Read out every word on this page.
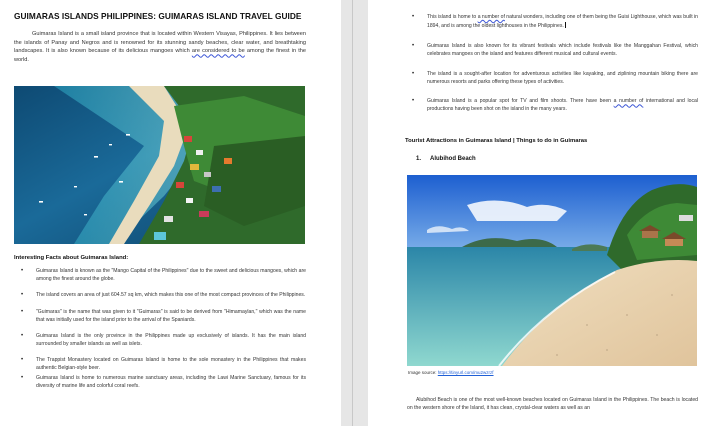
GUIMARAS ISLANDS PHILIPPINES: GUIMARAS ISLAND TRAVEL GUIDE
Guimaras Island is a small island province that is located within Western Visayas, Philippines. It lies between the islands of Panay and Negros and is renowned for its stunning sandy beaches, clear water, and breathtaking landscapes. It is also known because of its delicious mangoes which are considered to be among the finest in the world.
Interesting Facts about Guimaras Island:
•	Guimaras Island is known as the "Mango Capital of the Philippines" due to the sweet and delicious mangoes, which are among the finest around the globe.
•	The island covers an area of just 604.57 sq km, which makes this one of the most compact provinces of the Philippines.
•	"Guimaras" is the name that was given to it "Guimaras" is said to be derived from "Himamaylan," which was the name that was initially used for the island prior to the arrival of the Spaniards.
•	Guimaras Island is the only province in the Philippines made up exclusively of islands. It has the main island surrounded by smaller islands as well as islets.
•	The Trappist Monastery located on Guimaras Island is home to the sole monastery in the Philippines that makes authentic Belgian-style beer.
•	Guimaras Island is home to numerous marine sanctuary areas, including the Lawi Marine Sanctuary, famous for its diversity of marine life and colorful coral reefs.
•	This island is home to a number of natural wonders, including one of them being the Guisi Lighthouse, which was built in 1894, and is among the oldest lighthouses in the Philippines.
•	Guimaras Island is also known for its vibrant festivals which include festivals like the Manggahan Festival, which celebrates mangoes on the island and features different musical and cultural events.
•	The island is a sought-after location for adventurous activities like kayaking, and ziplining mountain biking there are numerous resorts and parks offering these types of activities.
•	Guimaras Island is a popular spot for TV and film shoots. There have been a number of international and local productions having been shot on the island in the many years.
Tourist Attractions in Guimaras Island | Things to do in Guimaras
1. Alubihod Beach
Image source: https://tinyurl.com/mu2wzrzf
Alubihod Beach is one of the most well-known beaches located on Guimaras Island in the Philippines. The beach is located on the western shore of the Island, it has clean, crystal-clear waters as well as an
